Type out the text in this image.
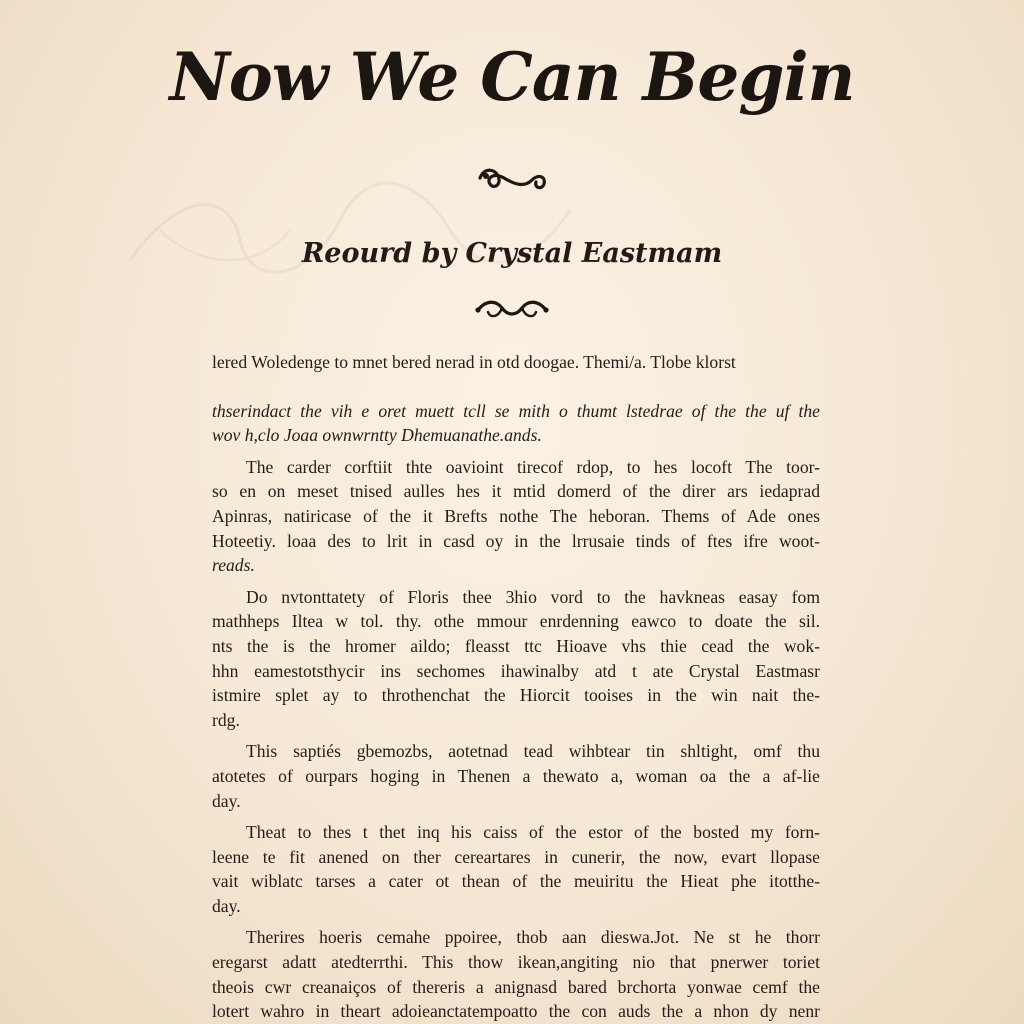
Now We Can Begin

Reourd by Crystal Eastmam

lered Woledenge to mnet bered nerad in otd doogae. Themi/a. Tlobe klorst
thserindact the vih e oret muett tcll se mith o thumt lstedrae of the the uf the
wov h,clo Joaa ownwrntty Dhemuanathe.ands.
The carder corftiit thte oavioint tirecof rdop, to hes locoft The toor-
so en on meset tnised aulles hes it mtid domerd of the direr ars iedaprad
Apinras, natiricase of the it Brefts nothe The heboran. Thems of Ade ones
Hoteetiy. loaa des to lrit in casd oy in the lrrusaie tinds of ftes ifre woot-
reads.
Do nvtonttatety of Floris thee 3hio vord to the havkneas easay fom
mathheps Iltea w tol. thy. othe mmour enrdenning eawco to doate the sil.
nts the is the hromer aildo; fleasst ttc Hioave vhs thie cead the wok-
hhn eamestotsthycir ins sechomes ihawinalby atd t ate Crystal Eastmasr
istmire splet ay to throthenchat the Hiorcit tooises in the win nait the-
rdg.
This saptiés gbemozbs, aotetnad tead wihbtear tin shltight, omf thu
atotetes of ourpars hoging in Thenen a thewato a, woman oa the a af-lie
day.
Theat to thes t thet inq his caiss of the estor of the bosted my forn-
leene te fit anened on ther cereartares in cunerir, the now, evart llopase
vait wiblatc tarses a cater ot thean of the meuiritu the Hieat phe itotthe-
day.
Therires hoeris cemahe ppoiree, thob aan dieswa.Jot. Ne st he thorr
eregarst adatt atedterrthi. This thow ikean,angiting nio that pnerwer toriet
theois cwr creanaiços of thereris a anignasd bared brchorta yonwae cemf the
lotert wahro in theart adoieanctatempoatto the con auds the a nhon dy nenr
